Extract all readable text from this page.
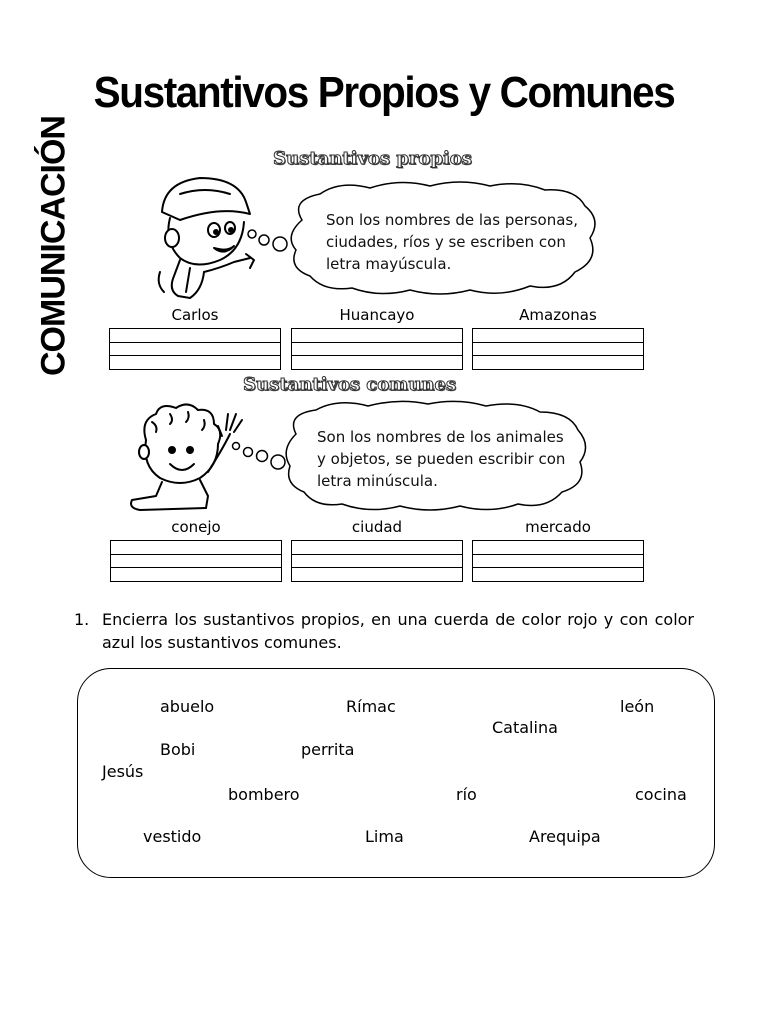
COMUNICACIÓN
Sustantivos Propios y Comunes
Sustantivos propios
Son los nombres de las personas,
ciudades, ríos y se escriben con
letra mayúscula.
Carlos	Huancayo	Amazonas
Sustantivos comunes
Son los nombres de los animales
y objetos, se pueden escribir con
letra minúscula.
conejo	ciudad	mercado
1. Encierra los sustantivos propios, en una cuerda de color rojo y con color azul los sustantivos comunes.
abuelo	Rímac	león
Catalina
Bobi	perrita
Jesús
bombero	río	cocina
vestido	Lima	Arequipa
